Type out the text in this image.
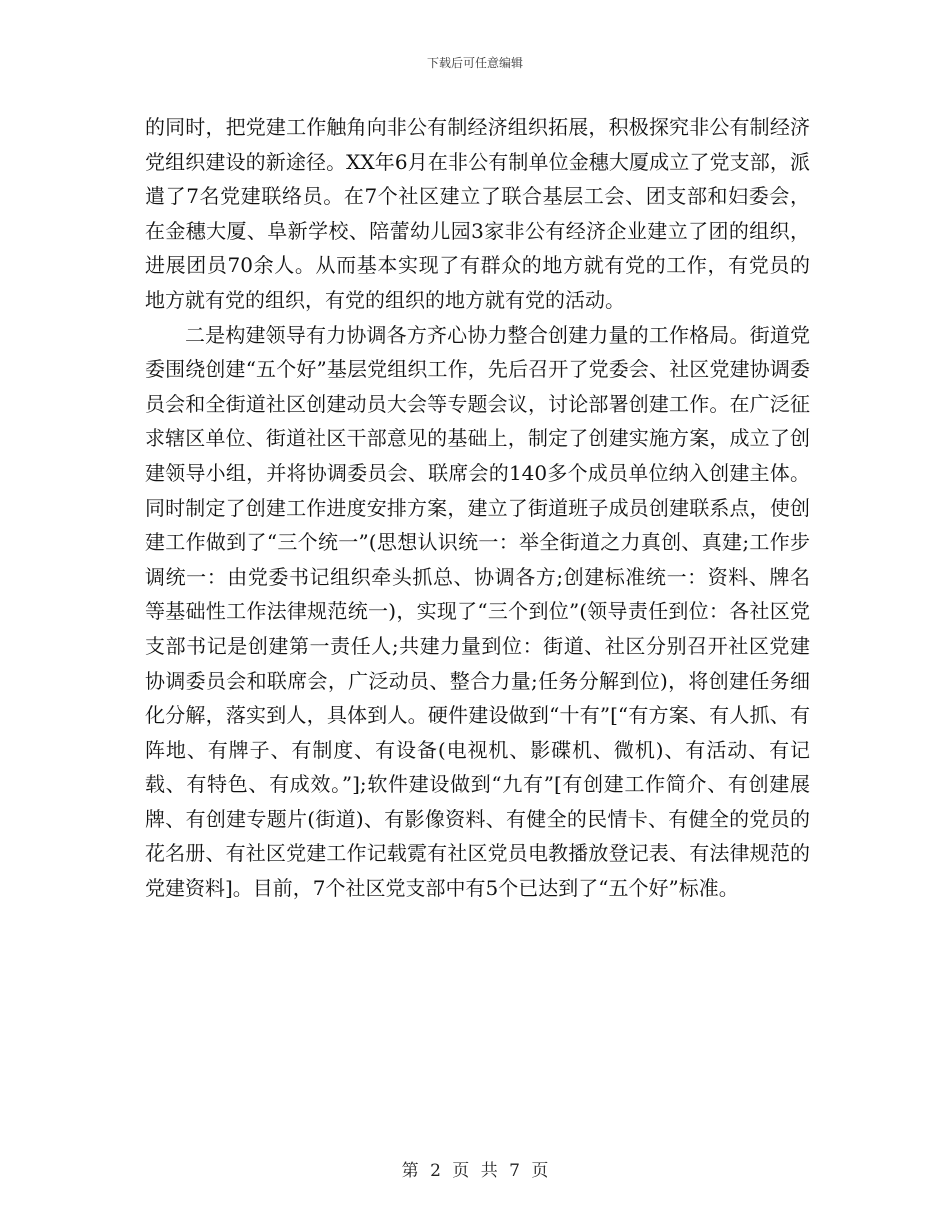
下载后可任意编辑

的同时，把党建工作触角向非公有制经济组织拓展，积极探究非公有制经济党组织建设的新途径。XX年6月在非公有制单位金穗大厦成立了党支部，派遣了7名党建联络员。在7个社区建立了联合基层工会、团支部和妇委会，在金穗大厦、阜新学校、陪蕾幼儿园3家非公有经济企业建立了团的组织，进展团员70余人。从而基本实现了有群众的地方就有党的工作，有党员的地方就有党的组织，有党的组织的地方就有党的活动。

二是构建领导有力协调各方齐心协力整合创建力量的工作格局。街道党委围绕创建“五个好”基层党组织工作，先后召开了党委会、社区党建协调委员会和全街道社区创建动员大会等专题会议，讨论部署创建工作。在广泛征求辖区单位、街道社区干部意见的基础上，制定了创建实施方案，成立了创建领导小组，并将协调委员会、联席会的140多个成员单位纳入创建主体。同时制定了创建工作进度安排方案，建立了街道班子成员创建联系点，使创建工作做到了“三个统一”(思想认识统一：举全街道之力真创、真建;工作步调统一：由党委书记组织牵头抓总、协调各方;创建标准统一：资料、牌名等基础性工作法律规范统一)，实现了“三个到位”(领导责任到位：各社区党支部书记是创建第一责任人;共建力量到位：街道、社区分别召开社区党建协调委员会和联席会，广泛动员、整合力量;任务分解到位)，将创建任务细化分解，落实到人，具体到人。硬件建设做到“十有”[“有方案、有人抓、有阵地、有牌子、有制度、有设备(电视机、影碟机、微机)、有活动、有记载、有特色、有成效。”];软件建设做到“九有”[有创建工作简介、有创建展牌、有创建专题片(街道)、有影像资料、有健全的民情卡、有健全的党员的花名册、有社区党建工作记载霓有社区党员电教播放登记表、有法律规范的党建资料]。目前，7个社区党支部中有5个已达到了“五个好”标准。

第 2 页 共 7 页
